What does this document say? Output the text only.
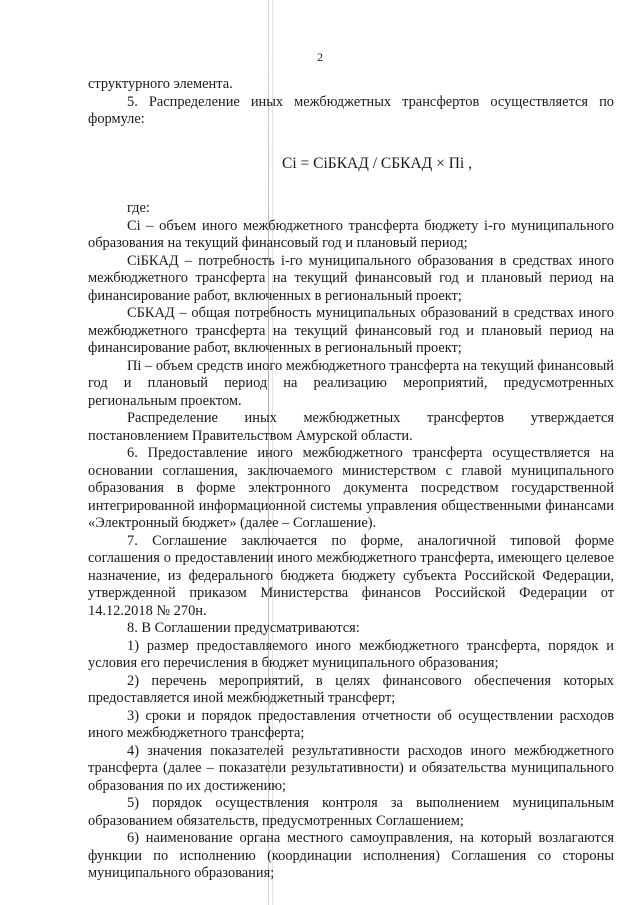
2

структурного элемента.

5. Распределение иных межбюджетных трансфертов осуществляется по формуле:

Сi = СiБКАД / СБКАД × Пi ,

где:

Сi – объем иного межбюджетного трансферта бюджету i-го муниципального образования на текущий финансовый год и плановый период;

СiБКАД – потребность i-го муниципального образования в средствах иного межбюджетного трансферта на текущий финансовый год и плановый период на финансирование работ, включенных в региональный проект;

СБКАД – общая потребность муниципальных образований в средствах иного межбюджетного трансферта на текущий финансовый год и плановый период на финансирование работ, включенных в региональный проект;

Пi – объем средств иного межбюджетного трансферта на текущий финансовый год и плановый период на реализацию мероприятий, предусмотренных региональным проектом.

Распределение иных межбюджетных трансфертов утверждается постановлением Правительством Амурской области.

6. Предоставление иного межбюджетного трансферта осуществляется на основании соглашения, заключаемого министерством с главой муниципального образования в форме электронного документа посредством государственной интегрированной информационной системы управления общественными финансами «Электронный бюджет» (далее – Соглашение).

7. Соглашение заключается по форме, аналогичной типовой форме соглашения о предоставлении иного межбюджетного трансферта, имеющего целевое назначение, из федерального бюджета бюджету субъекта Российской Федерации, утвержденной приказом Министерства финансов Российской Федерации от 14.12.2018 № 270н.

8. В Соглашении предусматриваются:

1) размер предоставляемого иного межбюджетного трансферта, порядок и условия его перечисления в бюджет муниципального образования;

2) перечень мероприятий, в целях финансового обеспечения которых предоставляется иной межбюджетный трансферт;

3) сроки и порядок предоставления отчетности об осуществлении расходов иного межбюджетного трансферта;

4) значения показателей результативности расходов иного межбюджетного трансферта (далее – показатели результативности) и обязательства муниципального образования по их достижению;

5) порядок осуществления контроля за выполнением муниципальным образованием обязательств, предусмотренных Соглашением;

6) наименование органа местного самоуправления, на который возлагаются функции по исполнению (координации исполнения) Соглашения со стороны муниципального образования;
